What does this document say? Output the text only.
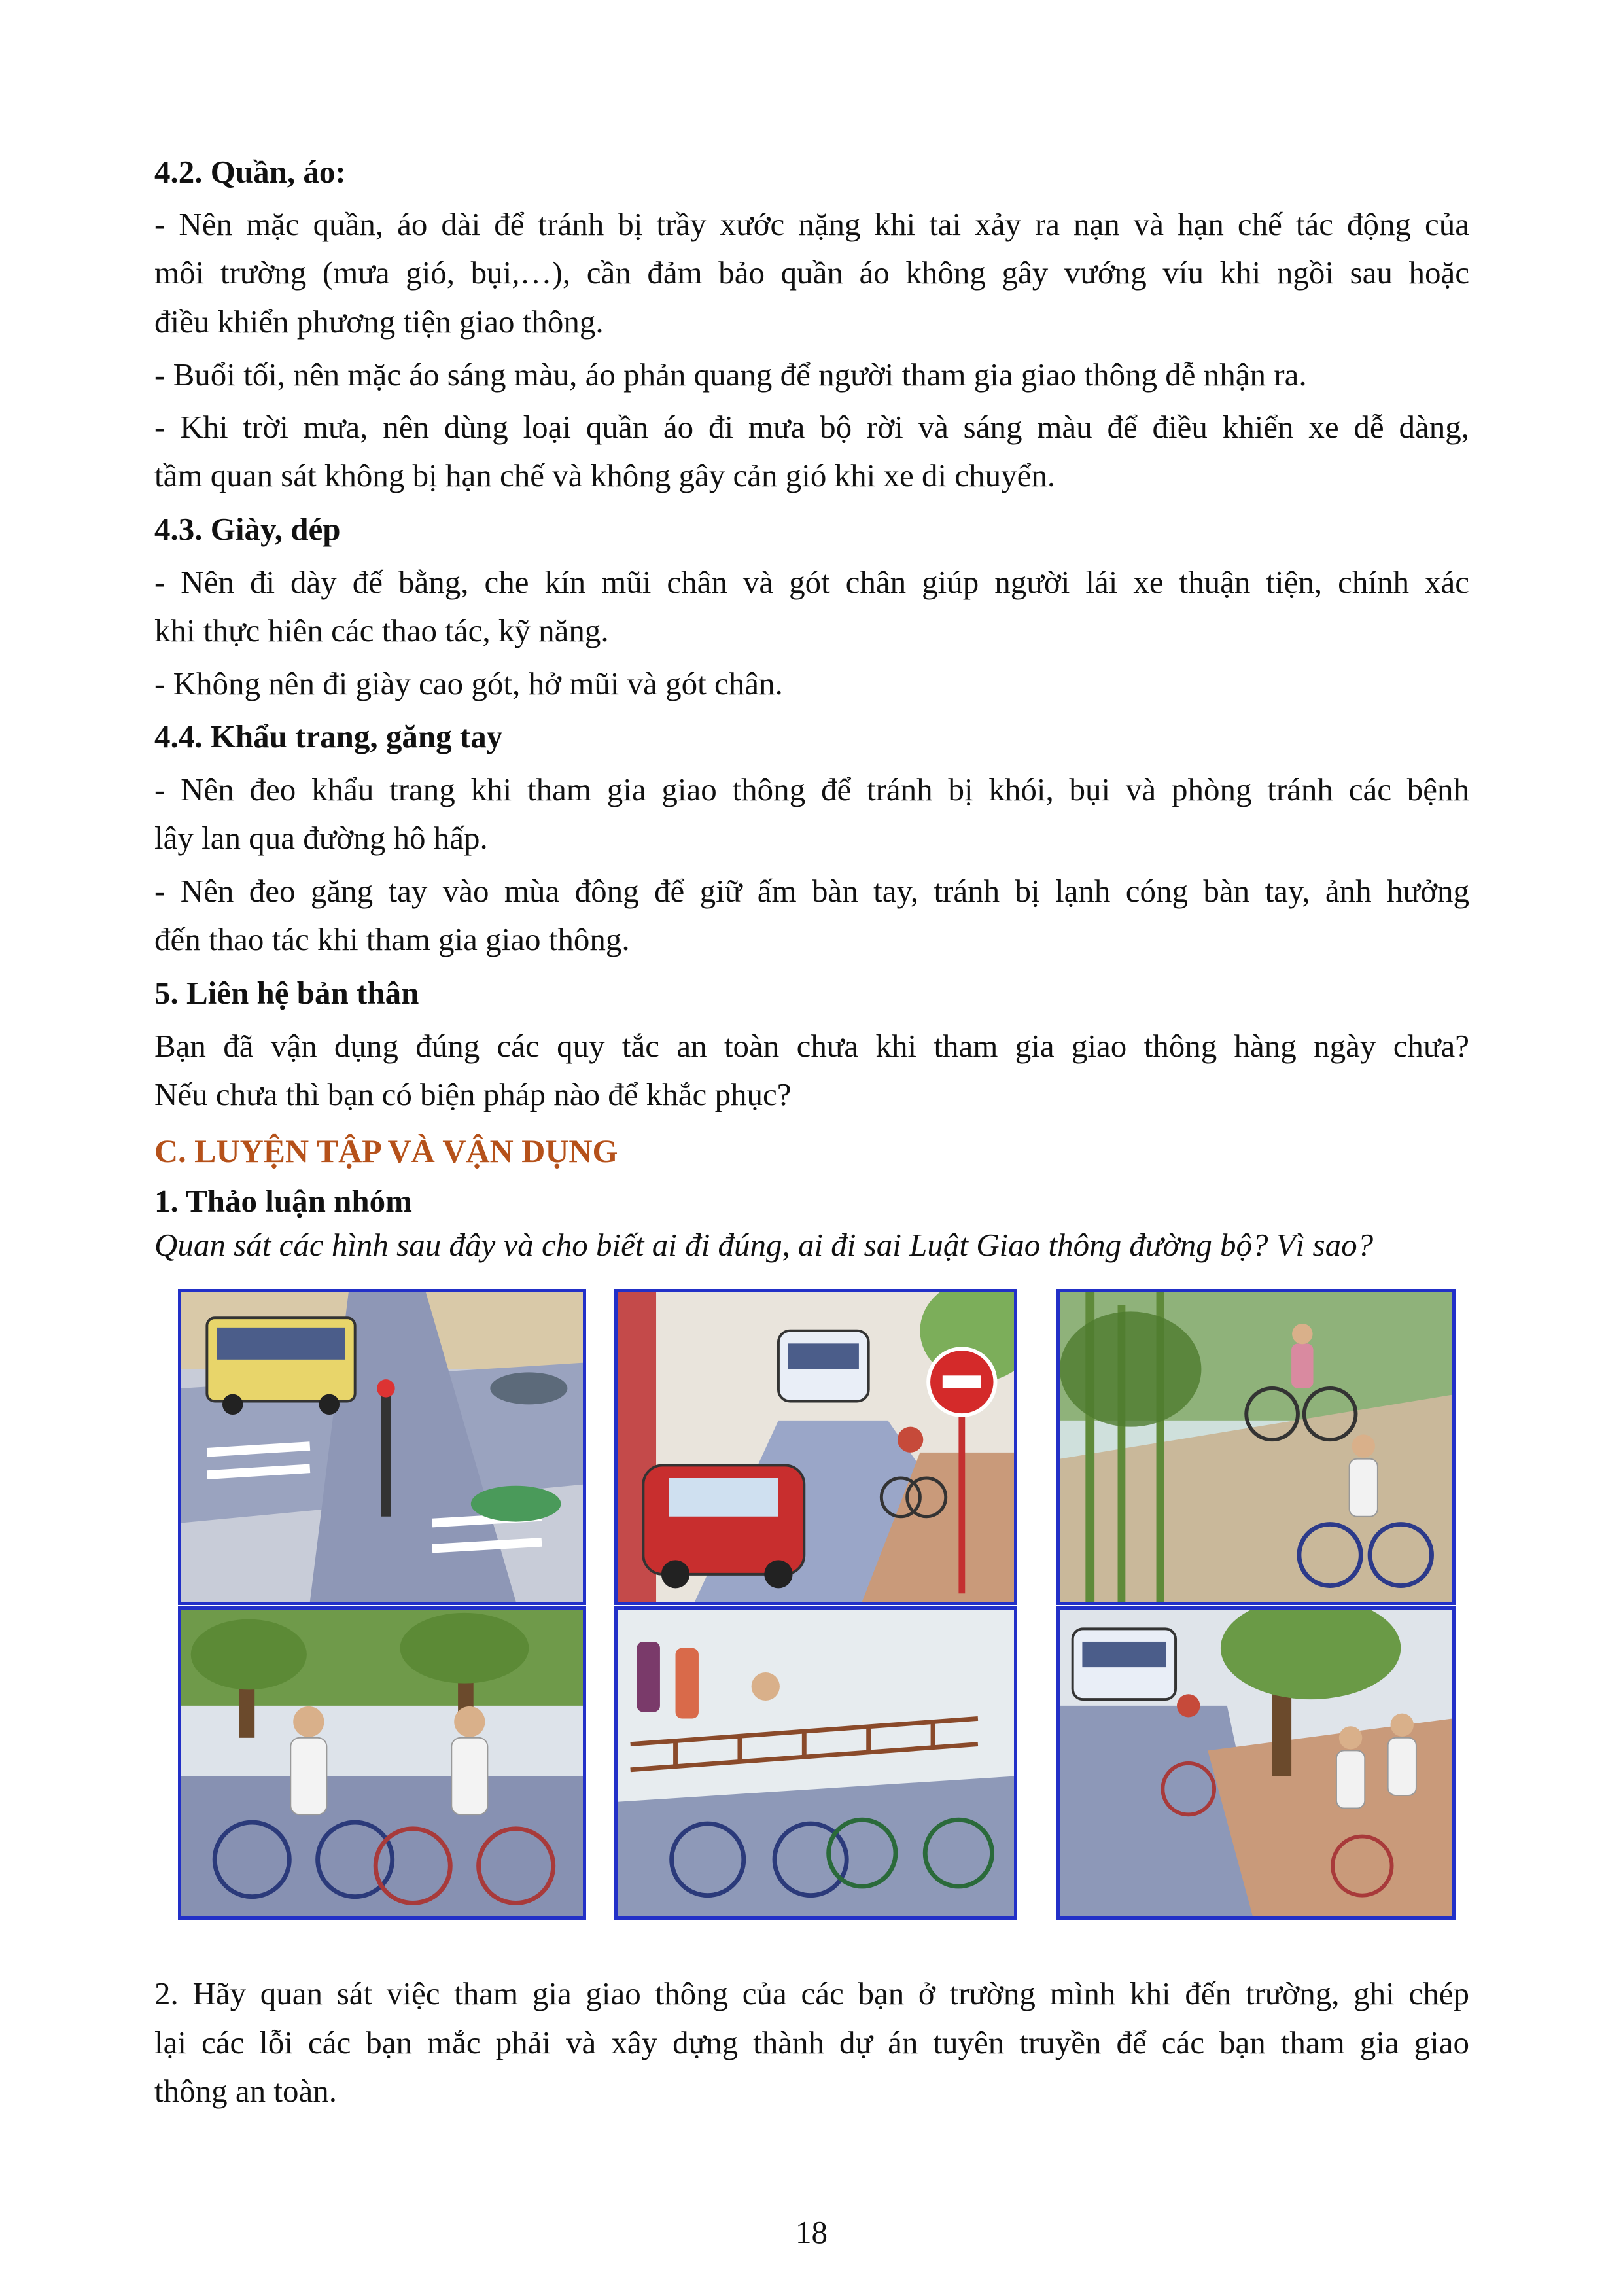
4.2. Quần, áo:
- Nên mặc quần, áo dài để tránh bị trầy xước nặng khi tai xảy ra nạn và hạn chế tác động của
môi trường (mưa gió, bụi,…), cần đảm bảo quần áo không gây vướng víu khi ngồi sau hoặc
điều khiển phương tiện giao thông.
- Buổi tối, nên mặc áo sáng màu, áo phản quang để người tham gia giao thông dễ nhận ra.
- Khi trời mưa, nên dùng loại quần áo đi mưa bộ rời và sáng màu để điều khiển xe dễ dàng,
tầm quan sát không bị hạn chế và không gây cản gió khi xe di chuyển.
4.3. Giày, dép
- Nên đi dày đế bằng, che kín mũi chân và gót chân giúp người lái xe thuận tiện, chính xác
khi thực hiên các thao tác, kỹ năng.
- Không nên đi giày cao gót, hở mũi và gót chân.
4.4. Khẩu trang, găng tay
- Nên đeo khẩu trang khi tham gia giao thông để tránh bị khói, bụi và phòng tránh các bệnh
lây lan qua đường hô hấp.
- Nên đeo găng tay vào mùa đông để giữ ấm bàn tay, tránh bị lạnh cóng bàn tay, ảnh hưởng
đến thao tác khi tham gia giao thông.
5. Liên hệ bản thân
Bạn đã vận dụng đúng các quy tắc an toàn chưa khi tham gia giao thông hàng ngày chưa?
Nếu chưa thì bạn có biện pháp nào để khắc phục?
C. LUYỆN TẬP VÀ VẬN DỤNG
1. Thảo luận nhóm
Quan sát các hình sau đây và cho biết ai đi đúng, ai đi sai Luật Giao thông đường bộ? Vì sao?
2. Hãy quan sát việc tham gia giao thông của các bạn ở trường mình khi đến trường, ghi chép
lại các lỗi các bạn mắc phải và xây dựng thành dự án tuyên truyền để các bạn tham gia giao
thông an toàn.
18
